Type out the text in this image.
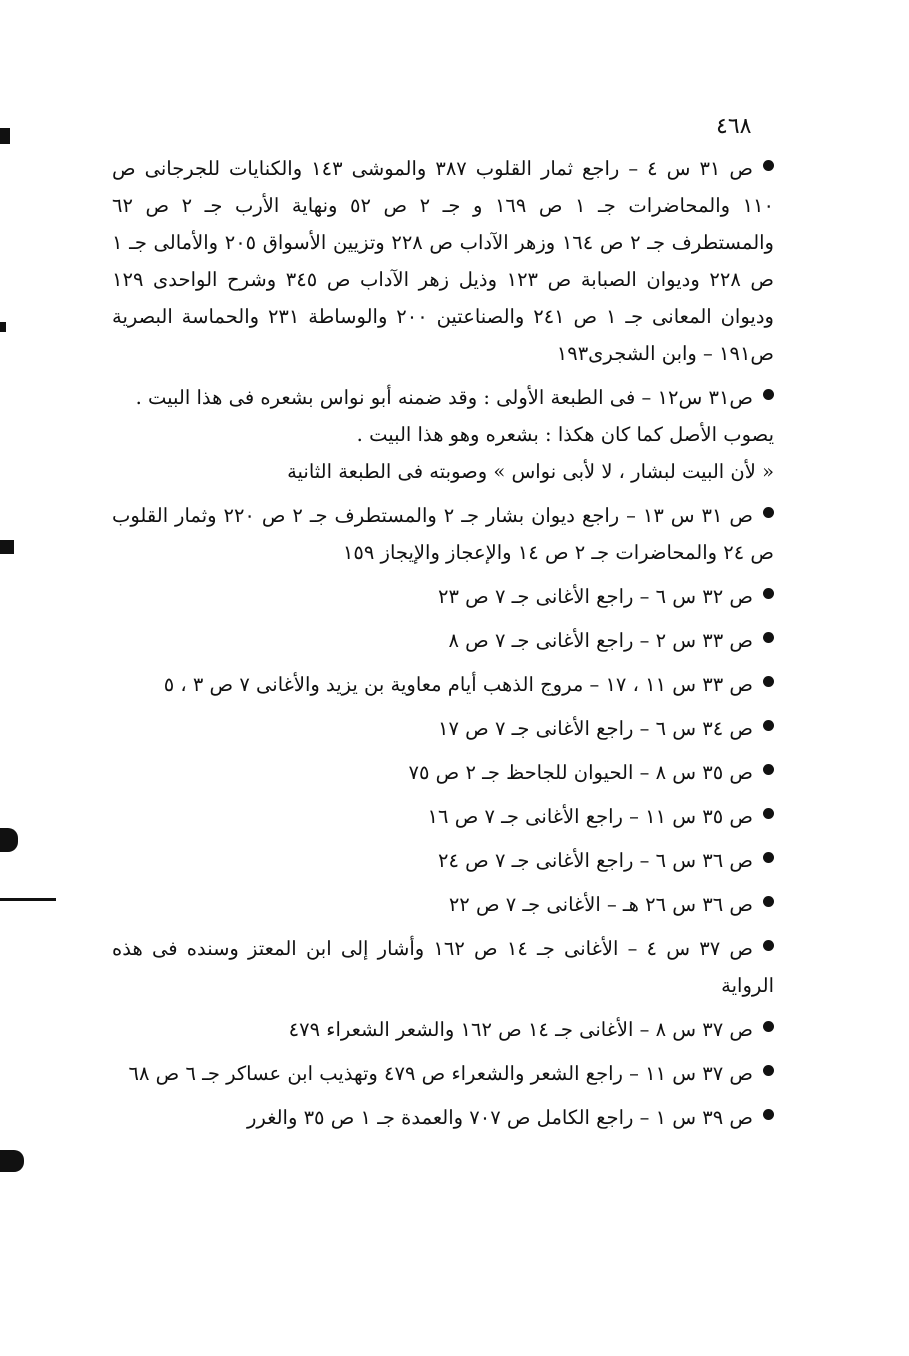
٤٦٨
ص ٣١ س ٤ – راجع ثمار القلوب ٣٨٧ والموشى ١٤٣ والكنايات للجرجانى ص ١١٠ والمحاضرات جـ ١ ص ١٦٩ و جـ ٢ ص ٥٢ ونهاية الأرب جـ ٢ ص ٦٢ والمستطرف جـ ٢ ص ١٦٤ وزهر الآداب ص ٢٢٨ وتزيين الأسواق ٢٠٥ والأمالى جـ ١ ص ٢٢٨ وديوان الصبابة ص ١٢٣ وذيل زهر الآداب ص ٣٤٥ وشرح الواحدى ١٢٩ وديوان المعانى جـ ١ ص ٢٤١ والصناعتين ٢٠٠ والوساطة ٢٣١ والحماسة البصرية ص١٩١ – وابن الشجرى١٩٣
ص٣١ س١٢ – فى الطبعة الأولى : وقد ضمنه أبو نواس بشعره فى هذا البيت .
يصوب الأصل كما كان هكذا : بشعره وهو هذا البيت .
« لأن البيت لبشار ، لا لأبى نواس » وصوبته فى الطبعة الثانية
ص ٣١ س ١٣ – راجع ديوان بشار جـ ٢ والمستطرف جـ ٢ ص ٢٢٠ وثمار القلوب ص ٢٤ والمحاضرات جـ ٢ ص ١٤ والإعجاز والإيجاز ١٥٩
ص ٣٢ س ٦ – راجع الأغانى جـ ٧ ص ٢٣
ص ٣٣ س ٢ – راجع الأغانى جـ ٧ ص ٨
ص ٣٣ س ١١ ، ١٧ – مروج الذهب أيام معاوية بن يزيد والأغانى ٧ ص ٣ ، ٥
ص ٣٤ س ٦ – راجع الأغانى جـ ٧ ص ١٧
ص ٣٥ س ٨ – الحيوان للجاحظ جـ ٢ ص ٧٥
ص ٣٥ س ١١ – راجع الأغانى جـ ٧ ص ١٦
ص ٣٦ س ٦ – راجع الأغانى جـ ٧ ص ٢٤
ص ٣٦ س ٢٦ هـ – الأغانى جـ ٧ ص ٢٢
ص ٣٧ س ٤ – الأغانى جـ ١٤ ص ١٦٢ وأشار إلى ابن المعتز وسنده فى هذه الرواية
ص ٣٧ س ٨ – الأغانى جـ ١٤ ص ١٦٢ والشعر الشعراء ٤٧٩
ص ٣٧ س ١١ – راجع الشعر والشعراء ص ٤٧٩ وتهذيب ابن عساكر جـ ٦ ص ٦٨
ص ٣٩ س ١ – راجع الكامل ص ٧٠٧ والعمدة جـ ١ ص ٣٥ والغرر
